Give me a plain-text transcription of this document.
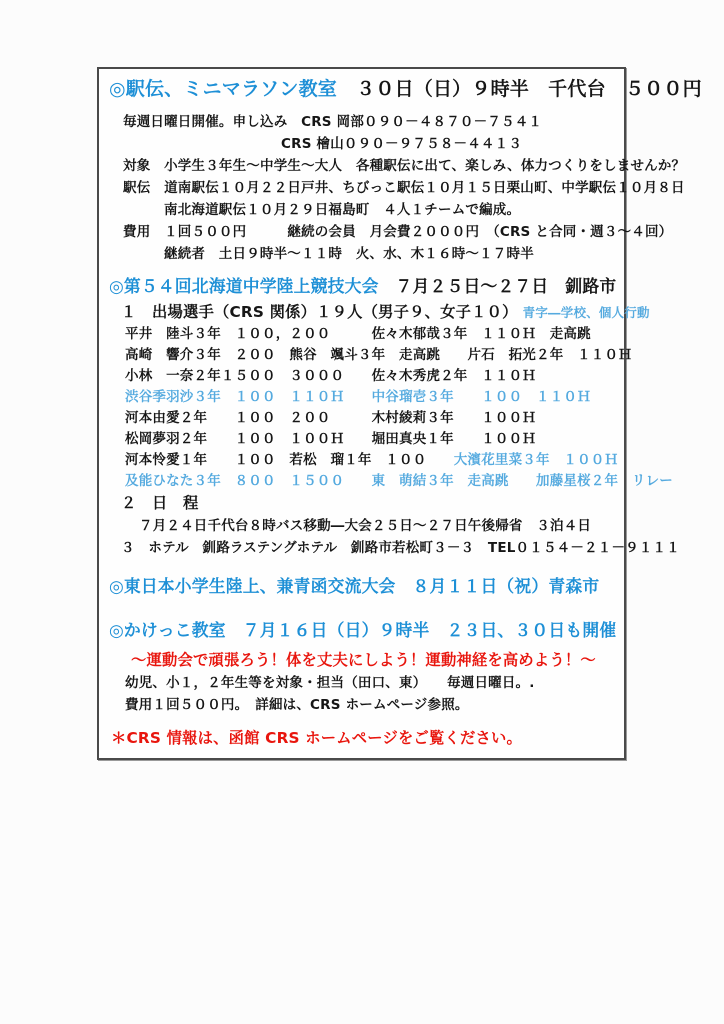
◎駅伝、ミニマラソン教室　３０日（日）９時半　千代台　５００円
毎週日曜日開催。申し込み　CRS 岡部０９０－４８７０－７５４１
CRS 檜山０９０－９７５８－４４１３
対象　小学生３年生～中学生～大人　各種駅伝に出て、楽しみ、体力つくりをしませんか？
駅伝　道南駅伝１０月２２日戸井、ちびっこ駅伝１０月１５日栗山町、中学駅伝１０月８日
南北海道駅伝１０月２９日福島町　４人１チームで編成。
費用　１回５００円　　　継続の会員　月会費２０００円　（CRS と合同・週３～４回）
継続者　土日９時半～１１時　火、水、木１６時～１７時半
◎第５４回北海道中学陸上競技大会　７月２５日～２７日　釧路市
１　出場選手（CRS 関係）１９人（男子９、女子１０）　青字―学校、個人行動
平井　陸斗３年　１００，２００　　　佐々木郁哉３年　１１０Ｈ　走高跳
高崎　響介３年　２００　熊谷　颯斗３年　走高跳　　片石　拓光２年　１１０Ｈ
小林　一奈２年１５００　３０００　　佐々木秀虎２年　１１０Ｈ
渋谷季羽沙３年　１００　１１０Ｈ　　中谷瑠壱３年　　１００　１１０Ｈ
河本由愛２年　　１００　２００　　　木村綾莉３年　　１００Ｈ
松岡夢羽２年　　１００　１００Ｈ　　堀田真央１年　　１００Ｈ
河本怜愛１年　　１００　若松　瑠１年　１００　　大濱花里菜３年　１００Ｈ
及能ひなた３年　８００　１５００　　東　萌結３年　走高跳　　加藤星桜２年　リレー
２　日　程
７月２４日千代台８時バス移動―大会２５日～２７日午後帰省　３泊４日
３　ホテル　釧路ラステングホテル　釧路市若松町３－３　TEL０１５４－２１－９１１１
◎東日本小学生陸上、兼青函交流大会　８月１１日（祝）青森市
◎かけっこ教室　７月１６日（日）９時半　２３日、３０日も開催
～運動会で頑張ろう！体を丈夫にしよう！運動神経を高めよう！～
幼児、小１，２年生等を対象・担当（田口、東）　　毎週日曜日。.
費用１回５００円。　詳細は、CRS ホームページ参照。
＊CRS 情報は、函館 CRS ホームページをご覧ください。
